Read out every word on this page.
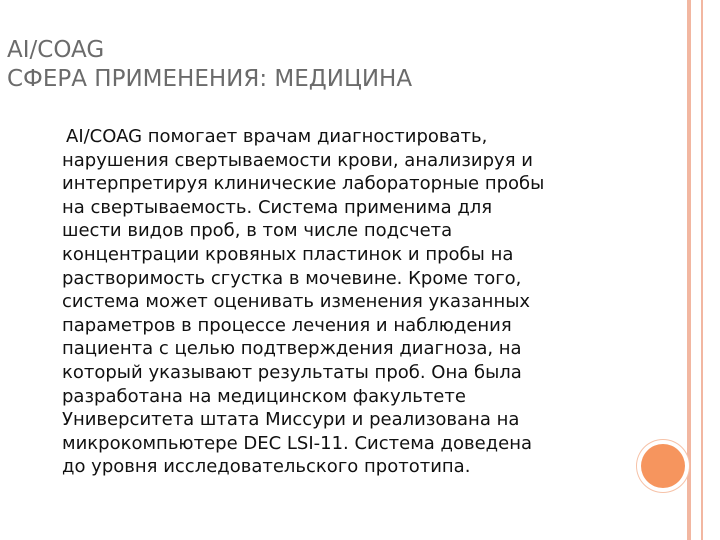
AI/COAG
СФЕРА ПРИМЕНЕНИЯ: МЕДИЦИНА

AI/COAG помогает врачам диагностировать,
нарушения свертываемости крови, анализируя и
интерпретируя клинические лабораторные пробы
на свертываемость. Система применима для
шести видов проб, в том числе подсчета
концентрации кровяных пластинок и пробы на
растворимость сгустка в мочевине. Кроме того,
система может оценивать изменения указанных
параметров в процессе лечения и наблюдения
пациента с целью подтверждения диагноза, на
который указывают результаты проб. Она была
разработана на медицинском факультете
Университета штата Миссури и реализована на
микрокомпьютере DEC LSI-11. Система доведена
до уровня исследовательского прототипа.
